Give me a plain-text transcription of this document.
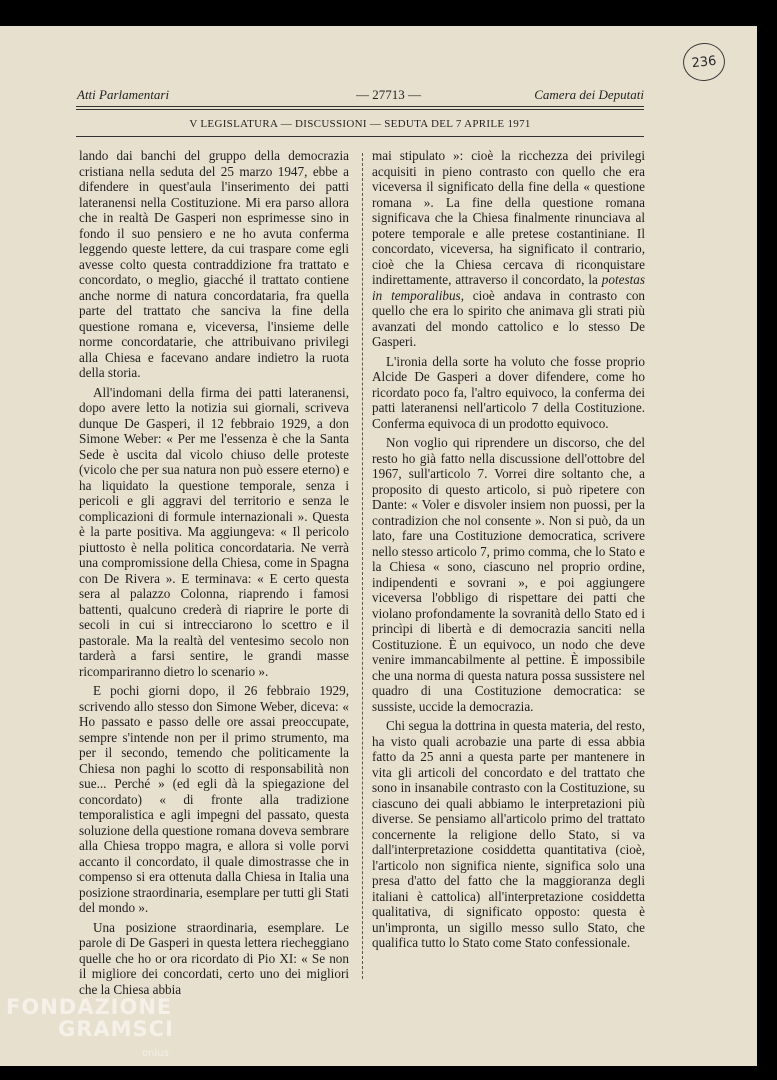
236
Atti Parlamentari	— 27713 —	Camera dei Deputati
V LEGISLATURA — DISCUSSIONI — SEDUTA DEL 7 APRILE 1971

lando dai banchi del gruppo della democrazia cristiana nella seduta del 25 marzo 1947, ebbe a difendere in quest'aula l'inserimento dei patti lateranensi nella Costituzione. Mi era parso allora che in realtà De Gasperi non esprimesse sino in fondo il suo pensiero e ne ho avuta conferma leggendo queste lettere, da cui traspare come egli avesse colto questa contraddizione fra trattato e concordato, o meglio, giacché il trattato contiene anche norme di natura concordataria, fra quella parte del trattato che sanciva la fine della questione romana e, viceversa, l'insieme delle norme concordatarie, che attribuivano privilegi alla Chiesa e facevano andare indietro la ruota della storia.

All'indomani della firma dei patti lateranensi, dopo avere letto la notizia sui giornali, scriveva dunque De Gasperi, il 12 febbraio 1929, a don Simone Weber: « Per me l'essenza è che la Santa Sede è uscita dal vicolo chiuso delle proteste (vicolo che per sua natura non può essere eterno) e ha liquidato la questione temporale, senza i pericoli e gli aggravi del territorio e senza le complicazioni di formule internazionali ». Questa è la parte positiva. Ma aggiungeva: « Il pericolo piuttosto è nella politica concordataria. Ne verrà una compromissione della Chiesa, come in Spagna con De Rivera ». E terminava: « E certo questa sera al palazzo Colonna, riaprendo i famosi battenti, qualcuno crederà di riaprire le porte di secoli in cui si intrecciarono lo scettro e il pastorale. Ma la realtà del ventesimo secolo non tarderà a farsi sentire, le grandi masse ricompariranno dietro lo scenario ».

E pochi giorni dopo, il 26 febbraio 1929, scrivendo allo stesso don Simone Weber, diceva: « Ho passato e passo delle ore assai preoccupate, sempre s'intende non per il primo strumento, ma per il secondo, temendo che politicamente la Chiesa non paghi lo scotto di responsabilità non sue... Perché » (ed egli dà la spiegazione del concordato) « di fronte alla tradizione temporalistica e agli impegni del passato, questa soluzione della questione romana doveva sembrare alla Chiesa troppo magra, e allora si volle porvi accanto il concordato, il quale dimostrasse che in compenso si era ottenuta dalla Chiesa in Italia una posizione straordinaria, esemplare per tutti gli Stati del mondo ».

Una posizione straordinaria, esemplare. Le parole di De Gasperi in questa lettera riecheggiano quelle che ho or ora ricordato di Pio XI: « Se non il migliore dei concordati, certo uno dei migliori che la Chiesa abbia

mai stipulato »: cioè la ricchezza dei privilegi acquisiti in pieno contrasto con quello che era viceversa il significato della fine della « questione romana ». La fine della questione romana significava che la Chiesa finalmente rinunciava al potere temporale e alle pretese costantiniane. Il concordato, viceversa, ha significato il contrario, cioè che la Chiesa cercava di riconquistare indirettamente, attraverso il concordato, la potestas in temporalibus, cioè andava in contrasto con quello che era lo spirito che animava gli strati più avanzati del mondo cattolico e lo stesso De Gasperi.

L'ironia della sorte ha voluto che fosse proprio Alcide De Gasperi a dover difendere, come ho ricordato poco fa, l'altro equivoco, la conferma dei patti lateranensi nell'articolo 7 della Costituzione. Conferma equivoca di un prodotto equivoco.

Non voglio qui riprendere un discorso, che del resto ho già fatto nella discussione dell'ottobre del 1967, sull'articolo 7. Vorrei dire soltanto che, a proposito di questo articolo, si può ripetere con Dante: « Voler e disvoler insiem non puossi, per la contradizion che nol consente ». Non si può, da un lato, fare una Costituzione democratica, scrivere nello stesso articolo 7, primo comma, che lo Stato e la Chiesa « sono, ciascuno nel proprio ordine, indipendenti e sovrani », e poi aggiungere viceversa l'obbligo di rispettare dei patti che violano profondamente la sovranità dello Stato ed i princìpi di libertà e di democrazia sanciti nella Costituzione. È un equivoco, un nodo che deve venire immancabilmente al pettine. È impossibile che una norma di questa natura possa sussistere nel quadro di una Costituzione democratica: se sussiste, uccide la democrazia.

Chi segua la dottrina in questa materia, del resto, ha visto quali acrobazie una parte di essa abbia fatto da 25 anni a questa parte per mantenere in vita gli articoli del concordato e del trattato che sono in insanabile contrasto con la Costituzione, su ciascuno dei quali abbiamo le interpretazioni più diverse. Se pensiamo all'articolo primo del trattato concernente la religione dello Stato, si va dall'interpretazione cosiddetta quantitativa (cioè, l'articolo non significa niente, significa solo una presa d'atto del fatto che la maggioranza degli italiani è cattolica) all'interpretazione cosiddetta qualitativa, di significato opposto: questa è un'impronta, un sigillo messo sullo Stato, che qualifica tutto lo Stato come Stato confessionale.

FONDAZIONE
GRAMSCI
onlus
